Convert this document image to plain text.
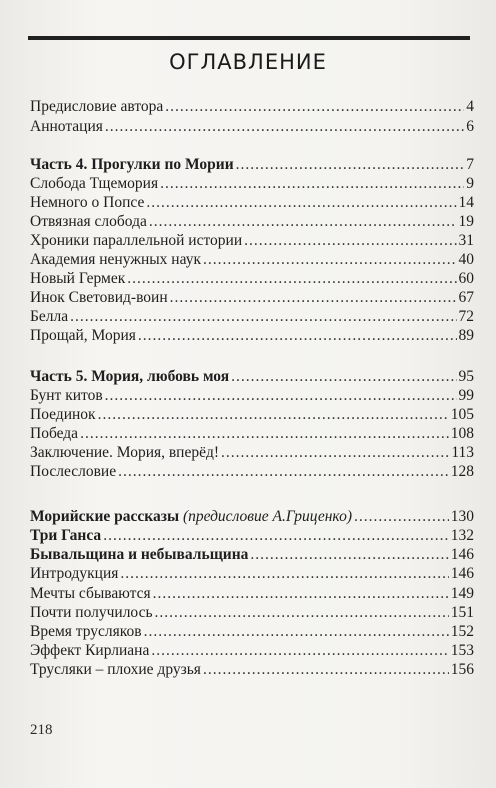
ОГЛАВЛЕНИЕ
Предисловие автора .....	4
Аннотация .....	6
Часть 4. Прогулки по Мории .....	7
Слобода Тщемория .....	9
Немного о Попсе .....	14
Отвязная слобода .....	19
Хроники параллельной истории .....	31
Академия ненужных наук .....	40
Новый Гермек .....	60
Инок Световид-воин .....	67
Белла .....	72
Прощай, Мория .....	89
Часть 5. Мория, любовь моя .....	95
Бунт китов .....	99
Поединок .....	105
Победа .....	108
Заключение. Мория, вперёд! .....	113
Послесловие .....	128
Морийские рассказы (предисловие А.Гриценко) .....	130
Три Ганса .....	132
Бывальщина и небывальщина .....	146
Интродукция .....	146
Мечты сбываются .....	149
Почти получилось .....	151
Время трусляков .....	152
Эффект Кирлиана .....	153
Трусляки – плохие друзья .....	156
218
